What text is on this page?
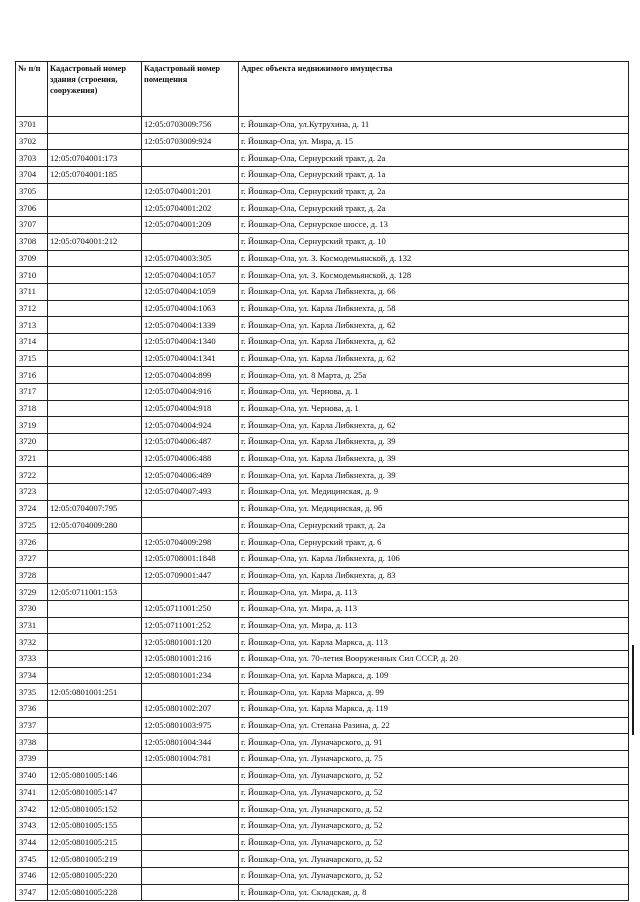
№ п/п	Кадастровый номер здания (строения, сооружения)	Кадастровый номер помещения	Адрес объекта недвижимого имущества
3701		12:05:0703009:756	г. Йошкар-Ола, ул.Кутрухина, д. 11
3702		12:05:0703009:924	г. Йошкар-Ола, ул. Мира, д. 15
3703	12:05:0704001:173		г. Йошкар-Ола, Сернурский тракт, д. 2а
3704	12:05:0704001:185		г. Йошкар-Ола, Сернурский тракт, д. 1а
3705		12:05:0704001:201	г. Йошкар-Ола, Сернурский тракт, д. 2а
3706		12:05:0704001:202	г. Йошкар-Ола, Сернурский тракт, д. 2а
3707		12:05:0704001:209	г. Йошкар-Ола, Сернурское шоссе, д. 13
3708	12:05:0704001:212		г. Йошкар-Ола, Сернурский тракт, д. 10
3709		12:05:0704003:305	г. Йошкар-Ола, ул. З. Космодемьянской, д. 132
3710		12:05:0704004:1057	г. Йошкар-Ола, ул. З. Космодемьянской, д. 128
3711		12:05:0704004:1059	г. Йошкар-Ола, ул. Карла Либкнехта, д. 66
3712		12:05:0704004:1063	г. Йошкар-Ола, ул. Карла Либкнехта, д. 58
3713		12:05:0704004:1339	г. Йошкар-Ола, ул. Карла Либкнехта, д. 62
3714		12:05:0704004:1340	г. Йошкар-Ола, ул. Карла Либкнехта, д. 62
3715		12:05:0704004:1341	г. Йошкар-Ола, ул. Карла Либкнехта, д. 62
3716		12:05:0704004:899	г. Йошкар-Ола, ул. 8 Марта, д. 25а
3717		12:05:0704004:916	г. Йошкар-Ола, ул. Чернова, д. 1
3718		12:05:0704004:918	г. Йошкар-Ола, ул. Чернова, д. 1
3719		12:05:0704004:924	г. Йошкар-Ола, ул. Карла Либкнехта, д. 62
3720		12:05:0704006:487	г. Йошкар-Ола, ул. Карла Либкнехта, д. 39
3721		12:05:0704006:488	г. Йошкар-Ола, ул. Карла Либкнехта, д. 39
3722		12:05:0704006:489	г. Йошкар-Ола, ул. Карла Либкнехта, д. 39
3723		12:05:0704007:493	г. Йошкар-Ола, ул. Медицинская, д. 9
3724	12:05:0704007:795		г. Йошкар-Ола, ул. Медицинская, д. 9б
3725	12:05:0704009:280		г. Йошкар-Ола, Сернурский тракт, д. 2а
3726		12:05:0704009:298	г. Йошкар-Ола, Сернурский тракт, д. 6
3727		12:05:0708001:1848	г. Йошкар-Ола, ул. Карла Либкнехта, д. 106
3728		12:05:0709001:447	г. Йошкар-Ола, ул. Карла Либкнехта, д. 83
3729	12:05:0711001:153		г. Йошкар-Ола, ул. Мира, д. 113
3730		12:05:0711001:250	г. Йошкар-Ола, ул. Мира, д. 113
3731		12:05:0711001:252	г. Йошкар-Ола, ул. Мира, д. 113
3732		12:05:0801001:120	г. Йошкар-Ола, ул. Карла Маркса, д. 113
3733		12:05:0801001:216	г. Йошкар-Ола, ул. 70-летия Вооруженных Сил СССР, д. 20
3734		12:05:0801001:234	г. Йошкар-Ола, ул. Карла Маркса, д. 109
3735	12:05:0801001:251		г. Йошкар-Ола, ул. Карла Маркса, д. 99
3736		12:05:0801002:207	г. Йошкар-Ола, ул. Карла Маркса, д. 119
3737		12:05:0801003:975	г. Йошкар-Ола, ул. Степана Разина, д. 22
3738		12:05:0801004:344	г. Йошкар-Ола, ул. Луначарского, д. 91
3739		12:05:0801004:781	г. Йошкар-Ола, ул. Луначарского, д. 75
3740	12:05:0801005:146		г. Йошкар-Ола, ул. Луначарского, д. 52
3741	12:05:0801005:147		г. Йошкар-Ола, ул. Луначарского, д. 52
3742	12:05:0801005:152		г. Йошкар-Ола, ул. Луначарского, д. 52
3743	12:05:0801005:155		г. Йошкар-Ола, ул. Луначарского, д. 52
3744	12:05:0801005:215		г. Йошкар-Ола, ул. Луначарского, д. 52
3745	12:05:0801005:219		г. Йошкар-Ола, ул. Луначарского, д. 52
3746	12:05:0801005:220		г. Йошкар-Ола, ул. Луначарского, д. 52
3747	12:05:0801005:228		г. Йошкар-Ола, ул. Складская, д. 8
